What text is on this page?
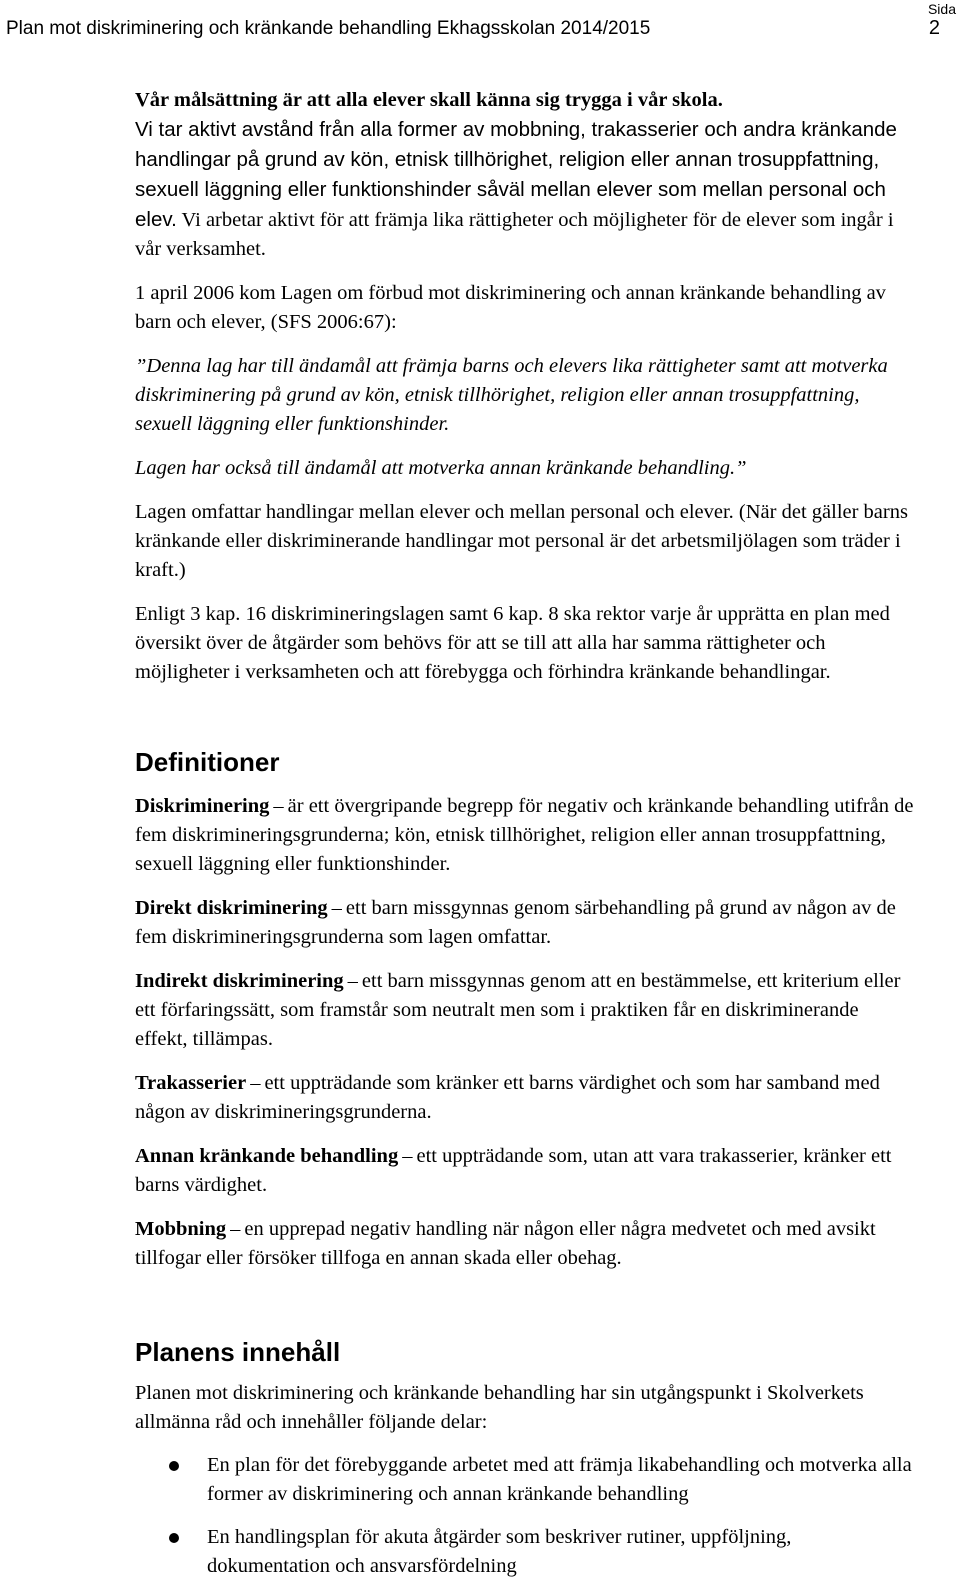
Plan mot diskriminering och kränkande behandling Ekhagsskolan 2014/2015
Sida
2

Vår målsättning är att alla elever skall känna sig trygga i vår skola.

Vi tar aktivt avstånd från alla former av mobbning, trakasserier och andra kränkande handlingar på grund av kön, etnisk tillhörighet, religion eller annan trosuppfattning, sexuell läggning eller funktionshinder såväl mellan elever som mellan personal och elev. Vi arbetar aktivt för att främja lika rättigheter och möjligheter för de elever som ingår i vår verksamhet.

1 april 2006 kom Lagen om förbud mot diskriminering och annan kränkande behandling av barn och elever, (SFS 2006:67):

”Denna lag har till ändamål att främja barns och elevers lika rättigheter samt att motverka diskriminering på grund av kön, etnisk tillhörighet, religion eller annan trosuppfattning, sexuell läggning eller funktionshinder.

Lagen har också till ändamål att motverka annan kränkande behandling.”

Lagen omfattar handlingar mellan elever och mellan personal och elever. (När det gäller barns kränkande eller diskriminerande handlingar mot personal är det arbetsmiljölagen som träder i kraft.)

Enligt 3 kap. 16 diskrimineringslagen samt 6 kap. 8 ska rektor varje år upprätta en plan med översikt över de åtgärder som behövs för att se till att alla har samma rättigheter och möjligheter i verksamheten och att förebygga och förhindra kränkande behandlingar.

Definitioner

Diskriminering – är ett övergripande begrepp för negativ och kränkande behandling utifrån de fem diskrimineringsgrunderna; kön, etnisk tillhörighet, religion eller annan trosuppfattning, sexuell läggning eller funktionshinder.

Direkt diskriminering – ett barn missgynnas genom särbehandling på grund av någon av de fem diskrimineringsgrunderna som lagen omfattar.

Indirekt diskriminering – ett barn missgynnas genom att en bestämmelse, ett kriterium eller ett förfaringssätt, som framstår som neutralt men som i praktiken får en diskriminerande effekt, tillämpas.

Trakasserier – ett uppträdande som kränker ett barns värdighet och som har samband med någon av diskrimineringsgrunderna.

Annan kränkande behandling – ett uppträdande som, utan att vara trakasserier, kränker ett barns värdighet.

Mobbning – en upprepad negativ handling när någon eller några medvetet och med avsikt tillfogar eller försöker tillfoga en annan skada eller obehag.

Planens innehåll

Planen mot diskriminering och kränkande behandling har sin utgångspunkt i Skolverkets allmänna råd och innehåller följande delar:

En plan för det förebyggande arbetet med att främja likabehandling och motverka alla former av diskriminering och annan kränkande behandling
En handlingsplan för akuta åtgärder som beskriver rutiner, uppföljning, dokumentation och ansvarsfördelning
